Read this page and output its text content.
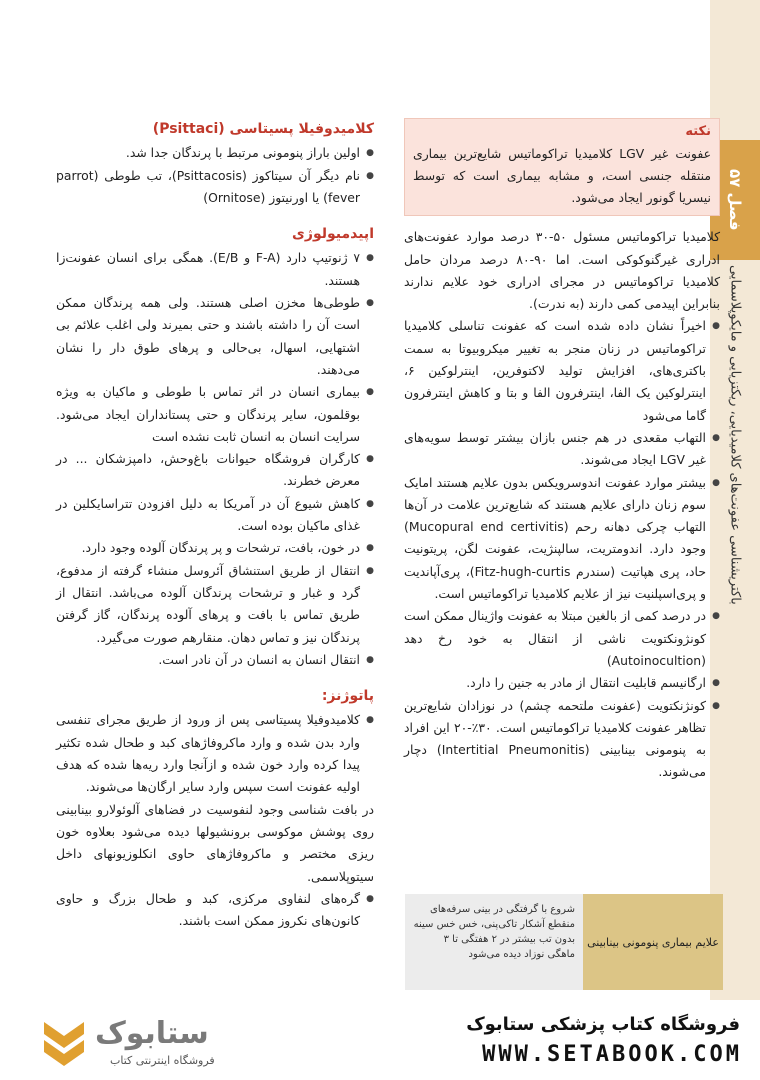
فصل ۵۷
باکتریشناسی عفونت‌های کلامیدیایی، ریکتزیایی و مایکوپلاسمایی
نکته
عفونت غیر LGV کلامیدیا تراکوماتیس شایع‌ترین بیماری منتقله جنسی است، و مشابه بیماری است که توسط نیسریا گونور ایجاد می‌شود.
کلامیدیا تراکوماتیس مسئول ۵۰-۳۰ درصد موارد عفونت‌های ادراری غیرگنوکوکی است. اما ۹۰-۸۰ درصد مردان حامل کلامیدیا تراکوماتیس در مجرای ادراری خود علایم ندارند بنابراین اپیدمی کمی دارند (به ندرت).
● اخیراً نشان داده شده است که عفونت تناسلی کلامیدیا تراکوماتیس در زنان منجر به تغییر میکروبیوتا به سمت باکتری‌های، افزایش تولید لاکتوفرین، اینترلوکین ۶، اینترلوکین یک الفا، اینترفرون الفا و بتا و کاهش اینترفرون گاما می‌شود
● التهاب مقعدی در هم جنس بازان بیشتر توسط سویه‌های غیر LGV ایجاد می‌شوند.
● بیشتر موارد عفونت اندوسرویکس بدون علایم هستند امایک سوم زنان دارای علایم هستند که شایع‌ترین علامت در آن‌ها التهاب چرکی دهانه رحم (Mucopural end certivitis) وجود دارد. اندومتریت، سالپنژیت، عفونت لگن، پریتونیت حاد، پری هپاتیت (سندرم Fitz-hugh-curtis)، پری‌آپاندیت و پری‌اسپلنیت نیز از علایم کلامیدیا تراکوماتیس است.
● در درصد کمی از بالغین مبتلا به عفونت واژینال ممکن است کونژونکتویت ناشی از انتقال به خود رخ دهد (Autoinocultion)
● ارگانیسم قابلیت انتقال از مادر به جنین را دارد.
● کونژنکتویت (عفونت ملتحمه چشم) در نوزادان شایع‌ترین تظاهر عفونت کلامیدیا تراکوماتیس است. ۳۰٪-۲۰ این افراد به پنومونی بینابینی (Intertitial Pneumonitis) دچار می‌شوند.
کلامیدوفیلا پسیتاسی (Psittaci)
● اولین باراز پنومونی مرتبط با پرندگان جدا شد.
● نام دیگر آن سیتاکوز (Psittacosis)، تب طوطی (parrot fever) یا اورنیتوز (Ornitose)
اپیدمیولوژی
● ۷ ژنوتیپ دارد (F-A و E/B). همگی برای انسان عفونت‌زا هستند.
● طوطی‌ها مخزن اصلی هستند. ولی همه پرندگان ممکن است آن را داشته باشند و حتی بمیرند ولی اغلب علائم بی اشتهایی، اسهال، بی‌حالی و پرهای طوق دار را نشان می‌دهند.
● بیماری انسان در اثر تماس با طوطی و ماکیان به ویژه بوقلمون، سایر پرندگان و حتی پستانداران ایجاد می‌شود. سرایت انسان به انسان ثابت نشده است
● کارگران فروشگاه حیوانات باغ‌وحش، دامپزشکان ... در معرض خطرند.
● کاهش شیوع آن در آمریکا به دلیل افزودن تتراسایکلین در غذای ماکیان بوده است.
● در خون، بافت، ترشحات و پر پرندگان آلوده وجود دارد.
● انتقال از طریق استنشاق آئروسل منشاء گرفته از مدفوع، گرد و غبار و ترشحات پرندگان آلوده می‌باشد. انتقال از طریق تماس با بافت و پرهای آلوده پرندگان، گاز گرفتن پرندگان نیز و تماس دهان. منقارهم صورت می‌گیرد.
● انتقال انسان به انسان در آن نادر است.
پاتوژنز:
● کلامیدوفیلا پسیتاسی پس از ورود از طریق مجرای تنفسی وارد بدن شده و وارد ماکروفاژهای کبد و طحال شده تکثیر پیدا کرده وارد خون شده و ازآنجا وارد ریه‌ها شده که هدف اولیه عفونت است سپس وارد سایر ارگان‌ها می‌شوند.
در بافت شناسی وجود لنفوسیت در فضاهای آلوئولارو بینابینی روی پوشش موکوسی برونشیولها دیده می‌شود بعلاوه خون ریزی مختصر و ماکروفاژهای حاوی انکلوزیونهای داخل سیتوپلاسمی.
● گره‌های لنفاوی مرکزی، کبد و طحال بزرگ و حاوی کانون‌های نکروز ممکن است باشند.
علایم بیماری پنومونی بینابینی
شروع با گرفتگی در بینی سرفه‌های منقطع آشکار تاکی‌پنی، خس خس سینه بدون تب بیشتر در ۲ هفتگی تا ۳ ماهگی نوزاد دیده می‌شود
ستابوک
فروشگاه اینترنتی کتاب
فروشگاه کتاب پزشکی ستابوک
WWW.SETABOOK.COM
